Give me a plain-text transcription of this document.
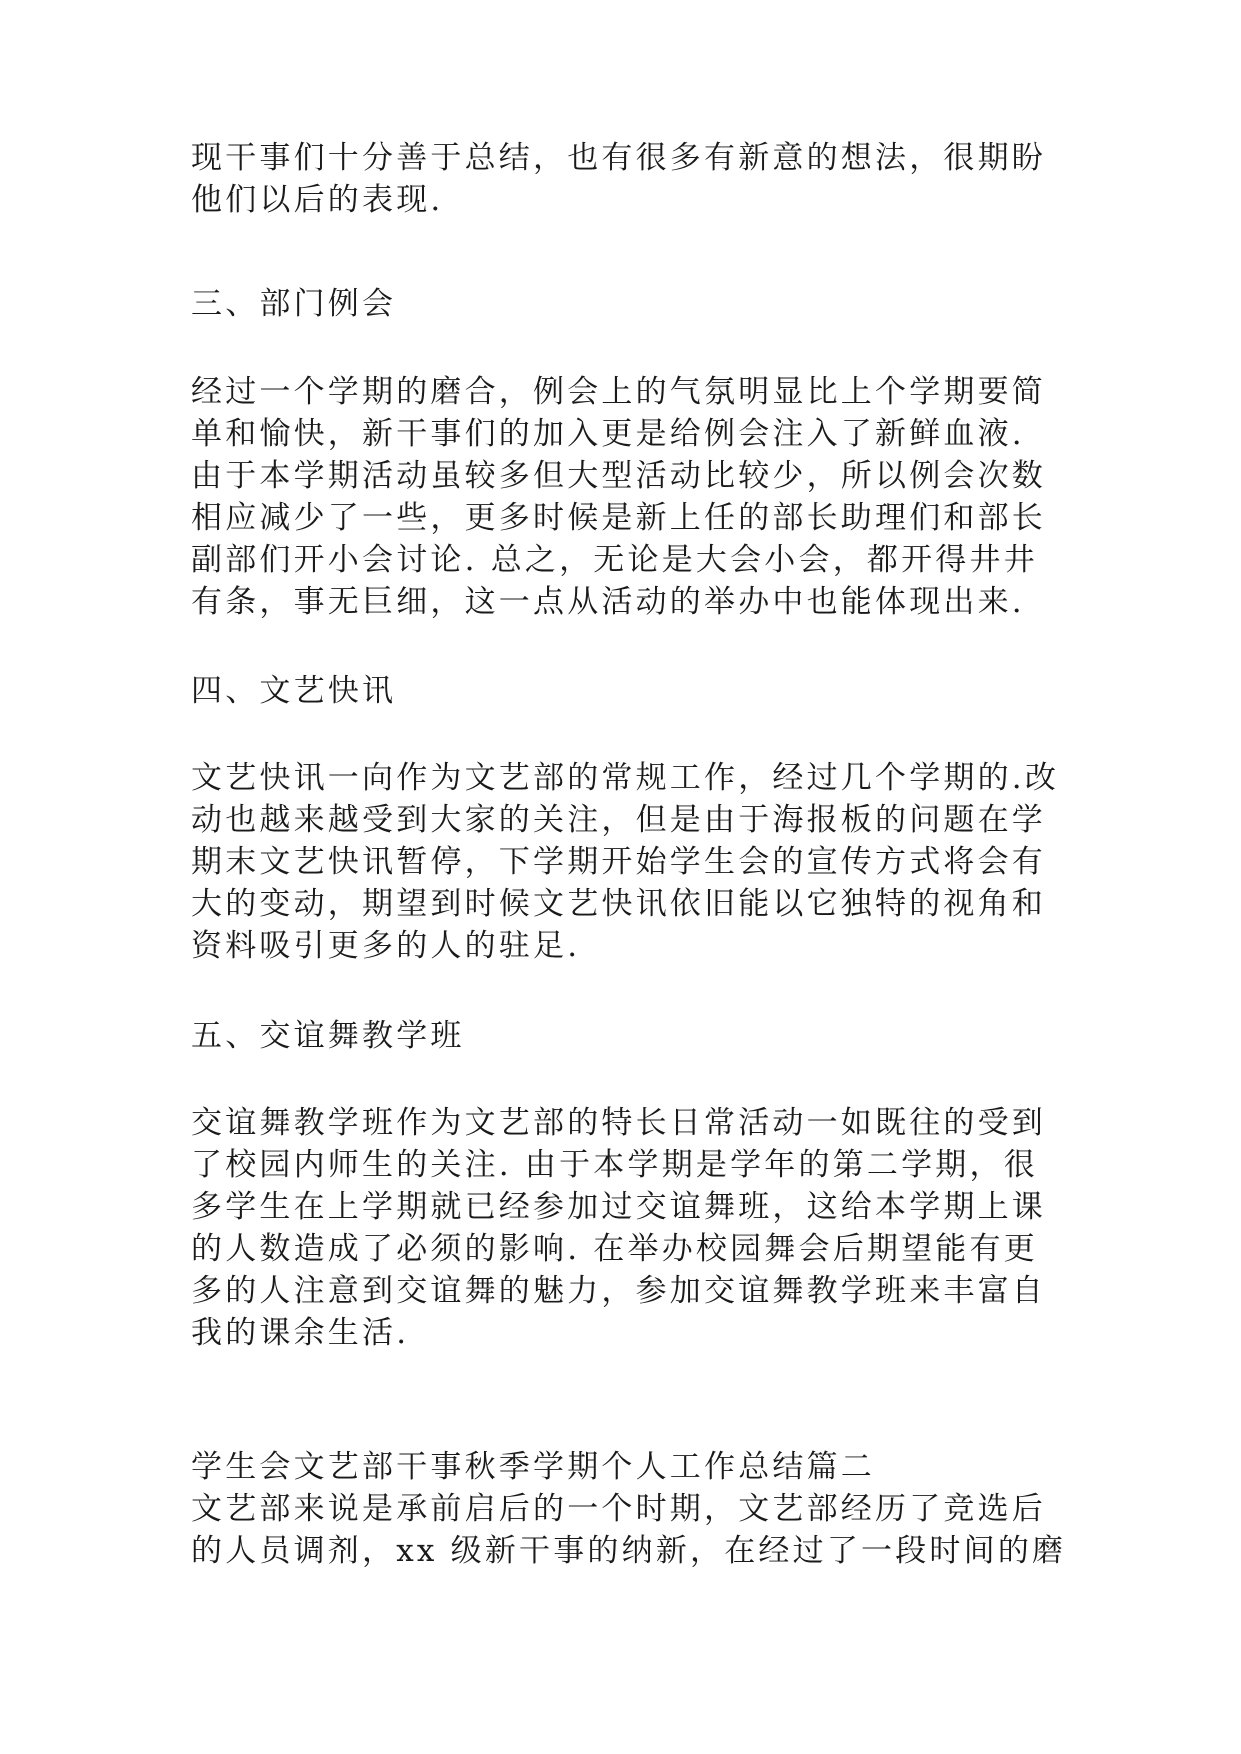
现干事们十分善于总结，也有很多有新意的想法，很期盼
他们以后的表现.
三、部门例会
经过一个学期的磨合，例会上的气氛明显比上个学期要简
单和愉快，新干事们的加入更是给例会注入了新鲜血液.
由于本学期活动虽较多但大型活动比较少，所以例会次数
相应减少了一些，更多时候是新上任的部长助理们和部长
副部们开小会讨论. 总之，无论是大会小会，都开得井井
有条，事无巨细，这一点从活动的举办中也能体现出来.
四、文艺快讯
文艺快讯一向作为文艺部的常规工作，经过几个学期的.改
动也越来越受到大家的关注，但是由于海报板的问题在学
期末文艺快讯暂停，下学期开始学生会的宣传方式将会有
大的变动，期望到时候文艺快讯依旧能以它独特的视角和
资料吸引更多的人的驻足.
五、交谊舞教学班
交谊舞教学班作为文艺部的特长日常活动一如既往的受到
了校园内师生的关注. 由于本学期是学年的第二学期，很
多学生在上学期就已经参加过交谊舞班，这给本学期上课
的人数造成了必须的影响. 在举办校园舞会后期望能有更
多的人注意到交谊舞的魅力，参加交谊舞教学班来丰富自
我的课余生活.
学生会文艺部干事秋季学期个人工作总结篇二
文艺部来说是承前启后的一个时期，文艺部经历了竞选后
的人员调剂，xx 级新干事的纳新，在经过了一段时间的磨
